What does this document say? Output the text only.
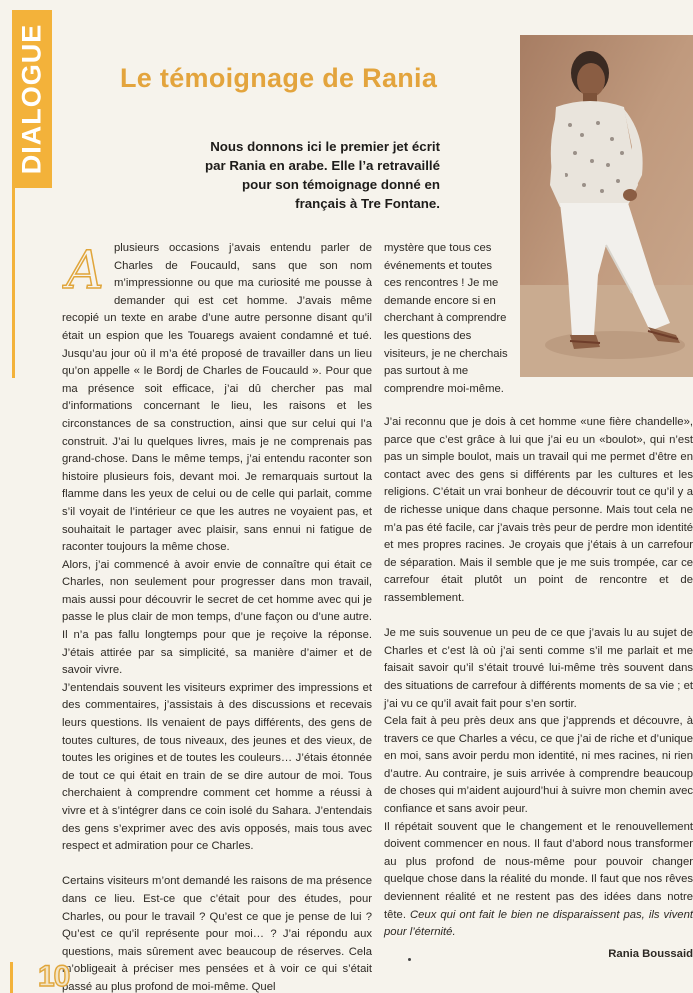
DIALOGUE	Le témoignage de Rania
Nous donnons ici le premier jet écrit par Rania en arabe. Elle l’a retravaillé pour son témoignage donné en français à Tre Fontane.
A plusieurs occasions j’avais entendu parler de Charles de Foucauld, sans que son nom m’impressionne ou que ma curiosité me pousse à demander qui est cet homme. J’avais même recopié un texte en arabe d’une autre personne disant qu’il était un espion que les Touaregs avaient condamné et tué. Jusqu’au jour où il m’a été proposé de travailler dans un lieu qu’on appelle « le Bordj de Charles de Foucauld ». Pour que ma présence soit efficace, j’ai dû chercher pas mal d’informations concernant le lieu, les raisons et les circonstances de sa construction, ainsi que sur celui qui l’a construit. J’ai lu quelques livres, mais je ne comprenais pas grand-chose. Dans le même temps, j’ai entendu raconter son histoire plusieurs fois, devant moi. Je remarquais surtout la flamme dans les yeux de celui ou de celle qui parlait, comme s’il voyait de l’intérieur ce que les autres ne voyaient pas, et souhaitait le partager avec plaisir, sans ennui ni fatigue de raconter toujours la même chose.

Alors, j’ai commencé à avoir envie de connaître qui était ce Charles, non seulement pour progresser dans mon travail, mais aussi pour découvrir le secret de cet homme avec qui je passe le plus clair de mon temps, d’une façon ou d’une autre. Il n’a pas fallu longtemps pour que je reçoive la réponse. J’étais attirée par sa simplicité, sa manière d’aimer et de savoir vivre.

J’entendais souvent les visiteurs exprimer des impressions et des commentaires, j’assistais à des discussions et recevais leurs questions. Ils venaient de pays différents, des gens de toutes cultures, de tous niveaux, des jeunes et des vieux, de toutes les origines et de toutes les couleurs… J’étais étonnée de tout ce qui était en train de se dire autour de moi. Tous cherchaient à comprendre comment cet homme a réussi à vivre et à s’intégrer dans ce coin isolé du Sahara. J’entendais des gens s’exprimer avec des avis opposés, mais tous avec respect et admiration pour ce Charles.

Certains visiteurs m’ont demandé les raisons de ma présence dans ce lieu. Est-ce que c’était pour des études, pour Charles, ou pour le travail ? Qu’est ce que je pense de lui ? Qu’est ce qu’il représente pour moi… ? J’ai répondu aux questions, mais sûrement avec beaucoup de réserves. Cela m’obligeait à préciser mes pensées et à voir ce qui s’était passé au plus profond de moi-même. Quel

mystère que tous ces événements et toutes ces rencontres ! Je me demande encore si en cherchant à comprendre les questions des visiteurs, je ne cherchais pas surtout à me comprendre moi-même.

J’ai reconnu que je dois à cet homme «une fière chandelle», parce que c’est grâce à lui que j’ai eu un «boulot», qui n’est pas un simple boulot, mais un travail qui me permet d’être en contact avec des gens si différents par les cultures et les religions. C’était un vrai bonheur de découvrir tout ce qu’il y a de richesse unique dans chaque personne. Mais tout cela ne m’a pas été facile, car j’avais très peur de perdre mon identité et mes propres racines. Je croyais que j’étais à un carrefour de séparation. Mais il semble que je me suis trompée, car ce carrefour était plutôt un point de rencontre et de rassemblement.

Je me suis souvenue un peu de ce que j’avais lu au sujet de Charles et c’est là où j’ai senti comme s’il me parlait et me faisait savoir qu’il s’était trouvé lui-même très souvent dans des situations de carrefour à différents moments de sa vie ; et j’ai vu ce qu’il avait fait pour s’en sortir.

Cela fait à peu près deux ans que j’apprends et découvre, à travers ce que Charles a vécu, ce que j’ai de riche et d’unique en moi, sans avoir perdu mon identité, ni mes racines, ni rien d’autre. Au contraire, je suis arrivée à comprendre beaucoup de choses qui m’aident aujourd’hui à suivre mon chemin avec confiance et sans avoir peur.

Il répétait souvent que le changement et le renouvellement doivent commencer en nous. Il faut d’abord nous transformer au plus profond de nous-même pour pouvoir changer quelque chose dans la réalité du monde. Il faut que nos rêves deviennent réalité et ne restent pas des idées dans notre tête. Ceux qui ont fait le bien ne disparaissent pas, ils vivent pour l’éternité.

Rania Boussaid
10
